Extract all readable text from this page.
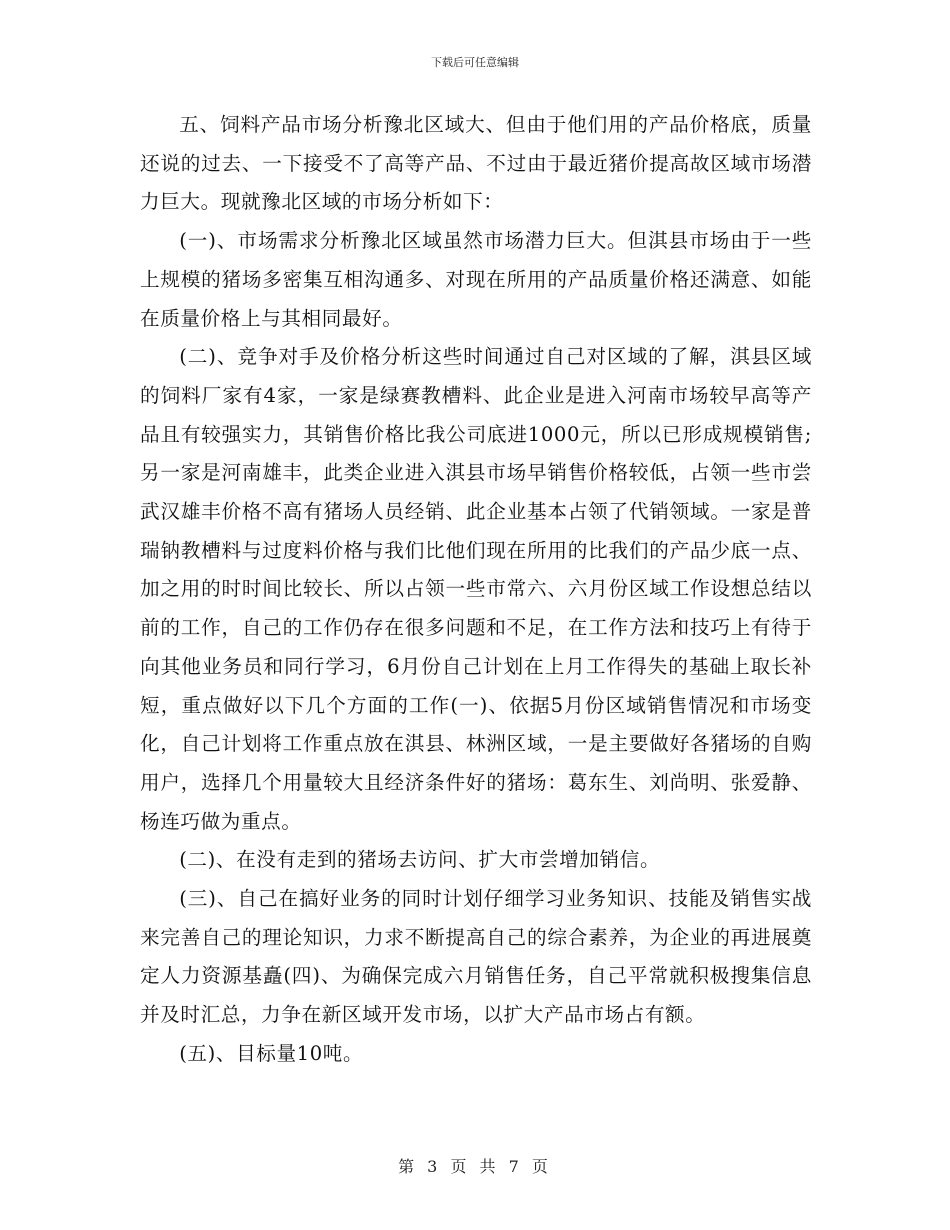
下载后可任意编辑

五、饲料产品市场分析豫北区域大、但由于他们用的产品价格底，质量还说的过去、一下接受不了高等产品、不过由于最近猪价提高故区域市场潜力巨大。现就豫北区域的市场分析如下：

(一)、市场需求分析豫北区域虽然市场潜力巨大。但淇县市场由于一些上规模的猪场多密集互相沟通多、对现在所用的产品质量价格还满意、如能在质量价格上与其相同最好。

(二)、竞争对手及价格分析这些时间通过自己对区域的了解，淇县区域的饲料厂家有4家，一家是绿赛教槽料、此企业是进入河南市场较早高等产品且有较强实力，其销售价格比我公司底进1000元，所以已形成规模销售;另一家是河南雄丰，此类企业进入淇县市场早销售价格较低，占领一些市尝武汉雄丰价格不高有猪场人员经销、此企业基本占领了代销领域。一家是普瑞钠教槽料与过度料价格与我们比他们现在所用的比我们的产品少底一点、加之用的时时间比较长、所以占领一些市常六、六月份区域工作设想总结以前的工作，自己的工作仍存在很多问题和不足，在工作方法和技巧上有待于向其他业务员和同行学习，6月份自己计划在上月工作得失的基础上取长补短，重点做好以下几个方面的工作(一)、依据5月份区域销售情况和市场变化，自己计划将工作重点放在淇县、林洲区域，一是主要做好各猪场的自购用户，选择几个用量较大且经济条件好的猪场：葛东生、刘尚明、张爱静、杨连巧做为重点。

(二)、在没有走到的猪场去访问、扩大市尝增加销信。

(三)、自己在搞好业务的同时计划仔细学习业务知识、技能及销售实战来完善自己的理论知识，力求不断提高自己的综合素养，为企业的再进展奠定人力资源基矗(四)、为确保完成六月销售任务，自己平常就积极搜集信息并及时汇总，力争在新区域开发市场，以扩大产品市场占有额。

(五)、目标量10吨。

第 3 页 共 7 页
